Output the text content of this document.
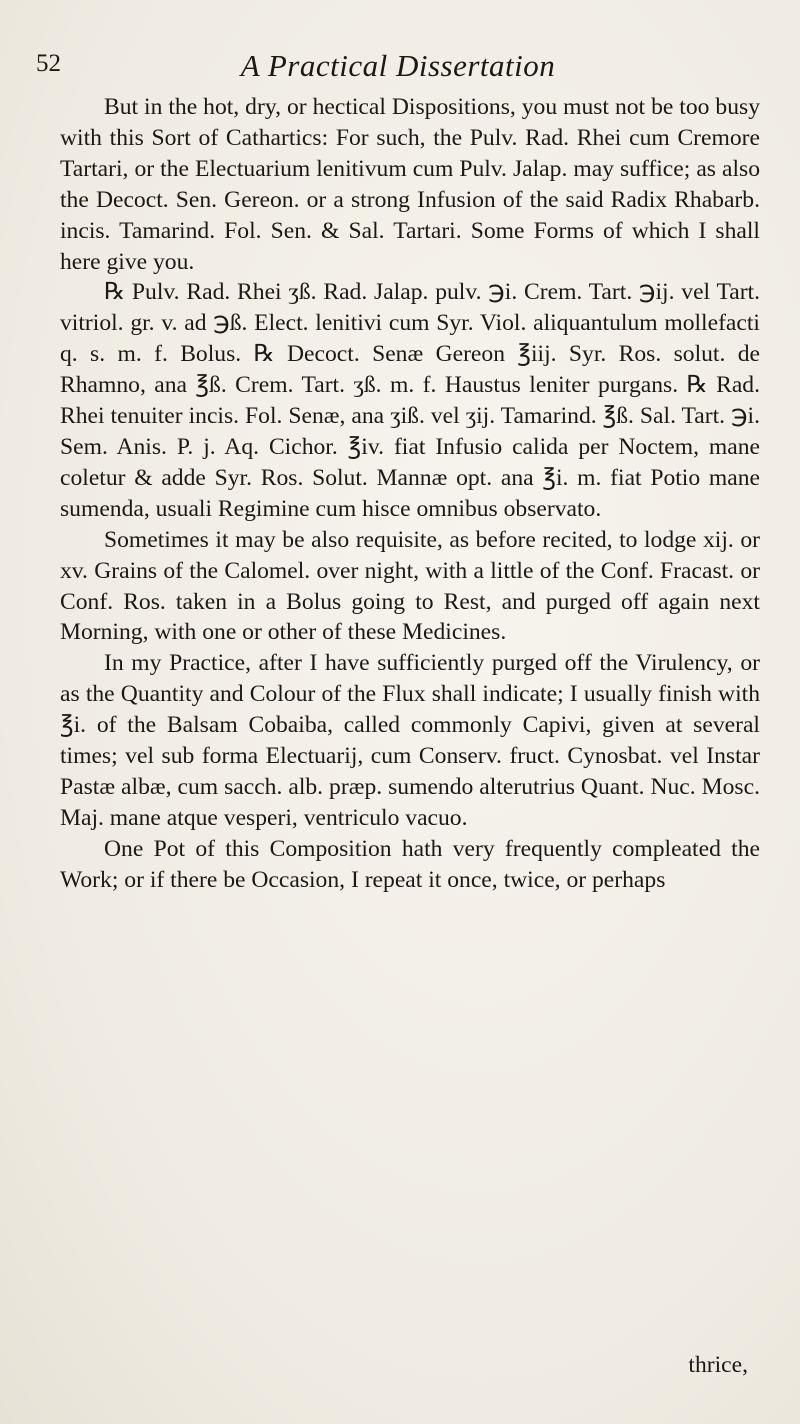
52	A Practical Dissertation

But in the hot, dry, or hectical Dispositions, you must not be too busy with this Sort of Cathartics: For such, the Pulv. Rad. Rhei cum Cremore Tartari, or the Electuarium lenitivum cum Pulv. Jalap. may suffice; as also the Decoct. Sen. Gereon. or a strong Infusion of the said Radix Rhabarb. incis. Tamarind. Fol. Sen. & Sal. Tartari. Some Forms of which I shall here give you.

℞ Pulv. Rad. Rhei ʒß. Rad. Jalap. pulv. ℈i. Crem. Tart. ℈ij. vel Tart. vitriol. gr. v. ad ℈ß. Elect. lenitivi cum Syr. Viol. aliquantulum mollefacti q. s. m. f. Bolus. ℞ Decoct. Senæ Gereon ℥iij. Syr. Ros. solut. de Rhamno, ana ℥ß. Crem. Tart. ʒß. m. f. Haustus leniter purgans. ℞ Rad. Rhei tenuiter incis. Fol. Senæ, ana ʒiß. vel ʒij. Tamarind. ℥ß. Sal. Tart. ℈i. Sem. Anis. P. j. Aq. Cichor. ℥iv. fiat Infusio calida per Noctem, mane coletur & adde Syr. Ros. Solut. Mannæ opt. ana ℥i. m. fiat Potio mane sumenda, usuali Regimine cum hisce omnibus observato.

Sometimes it may be also requisite, as before recited, to lodge xij. or xv. Grains of the Calomel. over night, with a little of the Conf. Fracast. or Conf. Ros. taken in a Bolus going to Rest, and purged off again next Morning, with one or other of these Medicines.

In my Practice, after I have sufficiently purged off the Virulency, or as the Quantity and Colour of the Flux shall indicate; I usually finish with ℥i. of the Balsam Cobaiba, called commonly Capivi, given at several times; vel sub forma Electuarij, cum Conserv. fruct. Cynosbat. vel Instar Pastæ albæ, cum sacch. alb. præp. sumendo alterutrius Quant. Nuc. Mosc. Maj. mane atque vesperi, ventriculo vacuo.

One Pot of this Composition hath very frequently compleated the Work; or if there be Occasion, I repeat it once, twice, or perhaps

thrice,
